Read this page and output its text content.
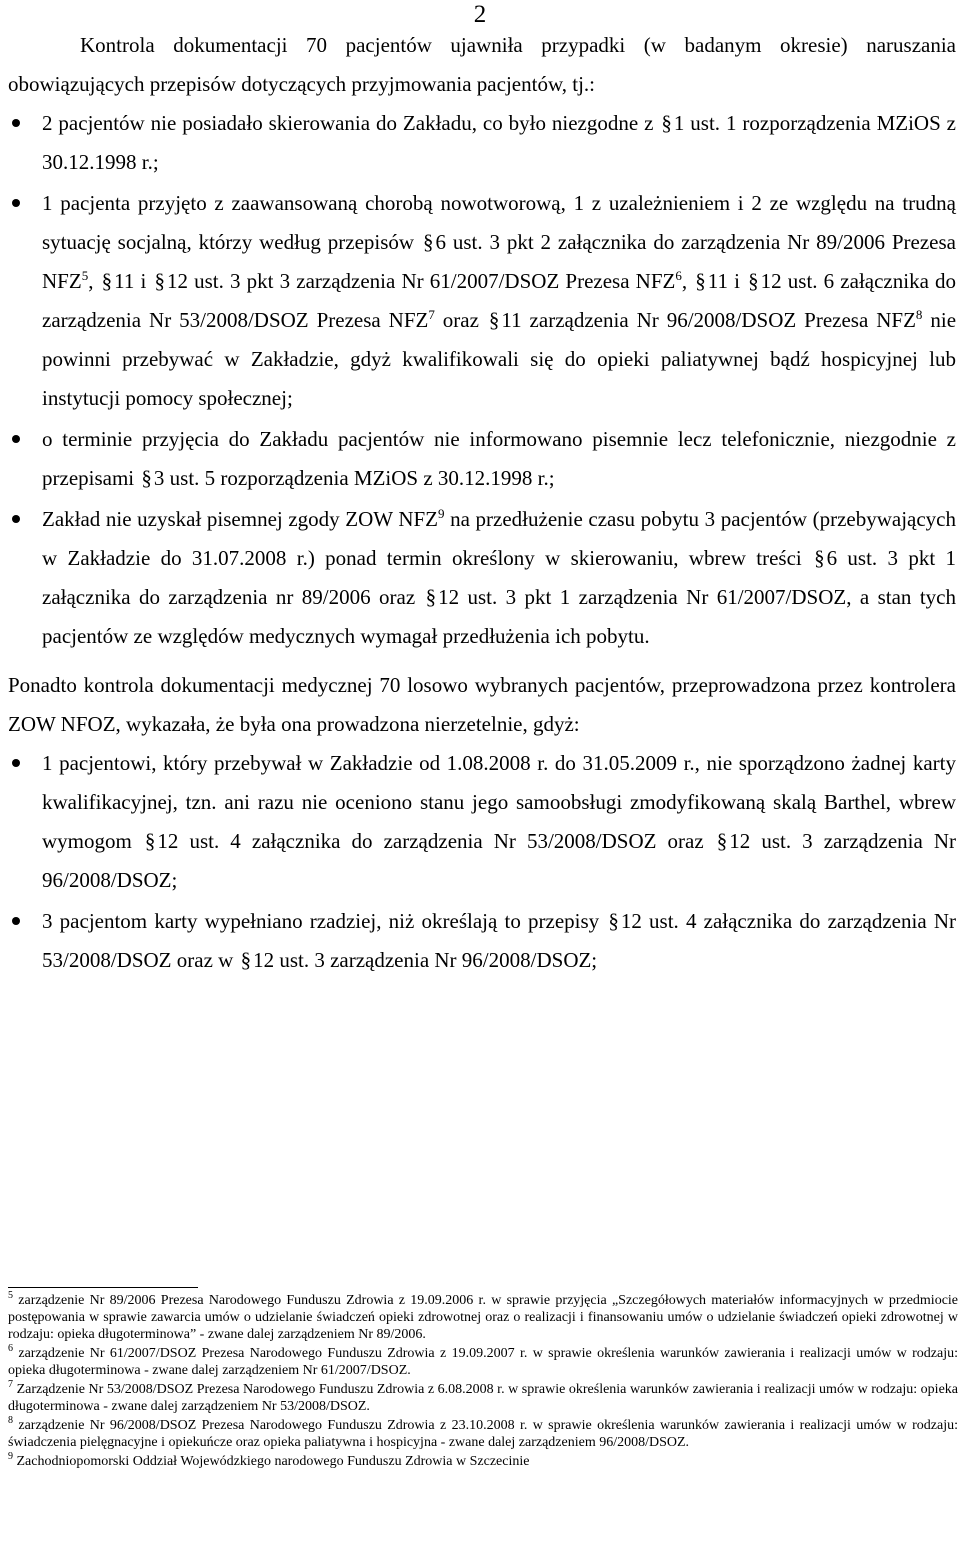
2

Kontrola dokumentacji 70 pacjentów ujawniła przypadki (w badanym okresie) naruszania obowiązujących przepisów dotyczących przyjmowania pacjentów, tj.:

2 pacjentów nie posiadało skierowania do Zakładu, co było niezgodne z §1 ust. 1 rozporządzenia MZiOS z 30.12.1998 r.;
1 pacjenta przyjęto z zaawansowaną chorobą nowotworową, 1 z uzależnieniem i 2 ze względu na trudną sytuację socjalną, którzy według przepisów §6 ust. 3 pkt 2 załącznika do zarządzenia Nr 89/2006 Prezesa NFZ$^5$, §11 i §12 ust. 3 pkt 3 zarządzenia Nr 61/2007/DSOZ Prezesa NFZ$^6$, §11 i §12 ust. 6 załącznika do zarządzenia Nr 53/2008/DSOZ Prezesa NFZ$^7$ oraz §11 zarządzenia Nr 96/2008/DSOZ Prezesa NFZ$^8$ nie powinni przebywać w Zakładzie, gdyż kwalifikowali się do opieki paliatywnej bądź hospicyjnej lub instytucji pomocy społecznej;
o terminie przyjęcia do Zakładu pacjentów nie informowano pisemnie lecz telefonicznie, niezgodnie z przepisami §3 ust. 5 rozporządzenia MZiOS z 30.12.1998 r.;
Zakład nie uzyskał pisemnej zgody ZOW NFZ$^9$ na przedłużenie czasu pobytu 3 pacjentów (przebywających w Zakładzie do 31.07.2008 r.) ponad termin określony w skierowaniu, wbrew treści §6 ust. 3 pkt 1 załącznika do zarządzenia nr 89/2006 oraz §12 ust. 3 pkt 1 zarządzenia Nr 61/2007/DSOZ, a stan tych pacjentów ze względów medycznych wymagał przedłużenia ich pobytu.

Ponadto kontrola dokumentacji medycznej 70 losowo wybranych pacjentów, przeprowadzona przez kontrolera ZOW NFOZ, wykazała, że była ona prowadzona nierzetelnie, gdyż:

1 pacjentowi, który przebywał w Zakładzie od 1.08.2008 r. do 31.05.2009 r., nie sporządzono żadnej karty kwalifikacyjnej, tzn. ani razu nie oceniono stanu jego samoobsługi zmodyfikowaną skalą Barthel, wbrew wymogom §12 ust. 4 załącznika do zarządzenia Nr 53/2008/DSOZ oraz §12 ust. 3 zarządzenia Nr 96/2008/DSOZ;
3 pacjentom karty wypełniano rzadziej, niż określają to przepisy §12 ust. 4 załącznika do zarządzenia Nr 53/2008/DSOZ oraz w §12 ust. 3 zarządzenia Nr 96/2008/DSOZ;
$^5$ zarządzenie Nr 89/2006 Prezesa Narodowego Funduszu Zdrowia z 19.09.2006 r. w sprawie przyjęcia „Szczegółowych materiałów informacyjnych w przedmiocie postępowania w sprawie zawarcia umów o udzielanie świadczeń opieki zdrowotnej oraz o realizacji i finansowaniu umów o udzielanie świadczeń opieki zdrowotnej w rodzaju: opieka długoterminowa” - zwane dalej zarządzeniem Nr 89/2006.
$^6$ zarządzenie Nr 61/2007/DSOZ Prezesa Narodowego Funduszu Zdrowia z 19.09.2007 r. w sprawie określenia warunków zawierania i realizacji umów w rodzaju: opieka długoterminowa - zwane dalej zarządzeniem Nr 61/2007/DSOZ.
$^7$ Zarządzenie Nr 53/2008/DSOZ Prezesa Narodowego Funduszu Zdrowia z 6.08.2008 r. w sprawie określenia warunków zawierania i realizacji umów w rodzaju: opieka długoterminowa - zwane dalej zarządzeniem Nr 53/2008/DSOZ.
$^8$ zarządzenie Nr 96/2008/DSOZ Prezesa Narodowego Funduszu Zdrowia z 23.10.2008 r. w sprawie określenia warunków zawierania i realizacji umów w rodzaju: świadczenia pielęgnacyjne i opiekuńcze oraz opieka paliatywna i hospicyjna - zwane dalej zarządzeniem 96/2008/DSOZ.
$^9$ Zachodniopomorski Oddział Wojewódzkiego narodowego Funduszu Zdrowia w Szczecinie
